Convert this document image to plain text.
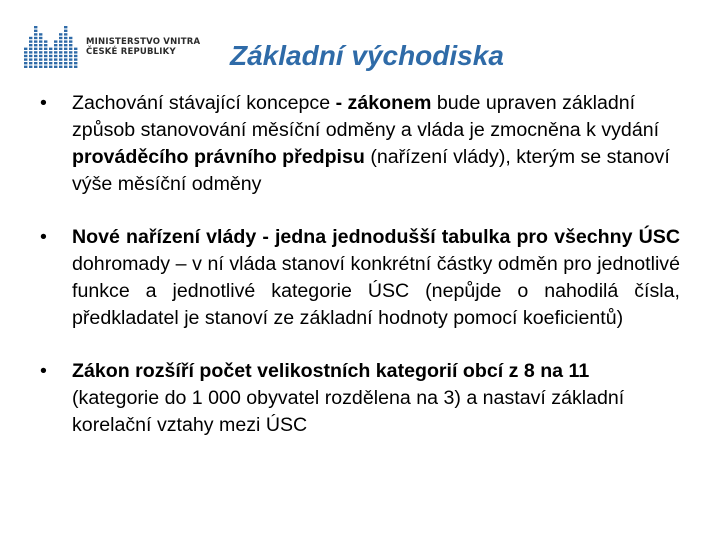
MINISTERSTVO VNITRA
ČESKÉ REPUBLIKY	Základní východiska
• Zachování stávající koncepce - zákonem bude upraven základní způsob stanovování měsíční odměny a vláda je zmocněna k vydání prováděcího právního předpisu (nařízení vlády), kterým se stanoví výše měsíční odměny
• Nové nařízení vlády - jedna jednodušší tabulka pro všechny ÚSC dohromady – v ní vláda stanoví konkrétní částky odměn pro jednotlivé funkce a jednotlivé kategorie ÚSC (nepůjde o nahodilá čísla, předkladatel je stanoví ze základní hodnoty pomocí koeficientů)
• Zákon rozšíří počet velikostních kategorií obcí z 8 na 11 (kategorie do 1 000 obyvatel rozdělena na 3) a nastaví základní korelační vztahy mezi ÚSC
